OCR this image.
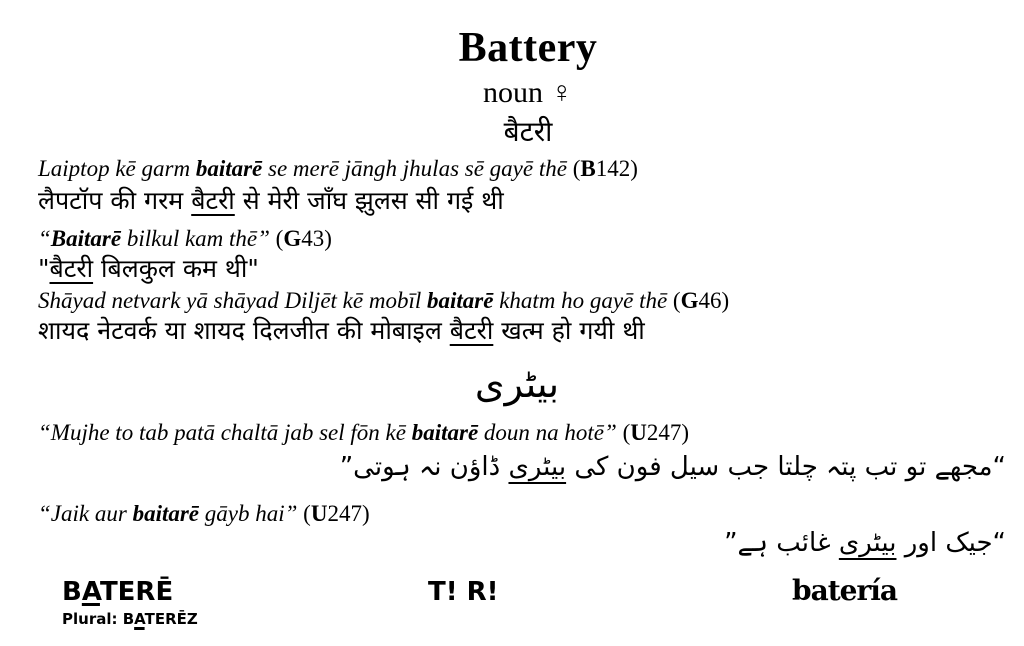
Battery
noun ♀
बैटरी
Laiptop kē garm baitarē se merē jāngh jhulas sē gayē thē (B142)
लैपटॉप की गरम बैटरी से मेरी जाँघ झुलस सी गई थी
“Baitarē bilkul kam thē” (G43)
"बैटरी बिलकुल कम थी"
Shāyad netvark yā shāyad Diljēt kē mobīl baitarē khatm ho gayē thē (G46)
शायद नेटवर्क या शायद दिलजीत की मोबाइल बैटरी खत्म हो गयी थी
بیٹری
“Mujhe to tab patā chaltā jab sel fōn kē baitarē doun na hotē” (U247)
“مجھے تو تب پتہ چلتا جب سیل فون کی بیٹری ڈاؤن نہ ہوتی”
“Jaik aur baitarē gāyb hai” (U247)
“جیک اور بیٹری غائب ہے”
BATERĒ
Plural: BATERĒZ
T! R!	batería
